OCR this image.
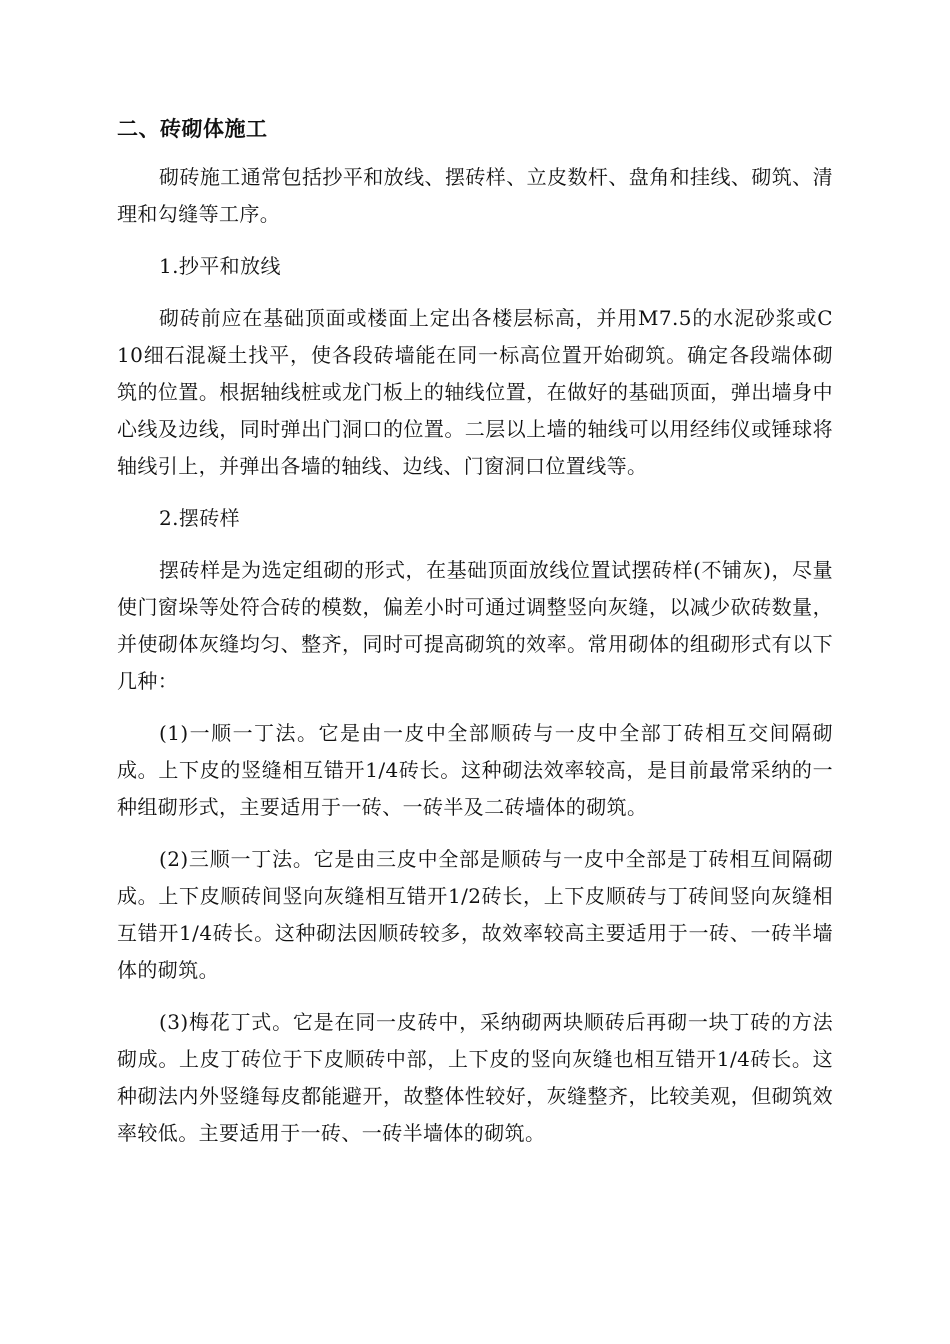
二、砖砌体施工

砌砖施工通常包括抄平和放线、摆砖样、立皮数杆、盘角和挂线、砌筑、清理和勾缝等工序。

1.抄平和放线

砌砖前应在基础顶面或楼面上定出各楼层标高，并用M7.5的水泥砂浆或C10细石混凝土找平，使各段砖墙能在同一标高位置开始砌筑。确定各段端体砌筑的位置。根据轴线桩或龙门板上的轴线位置，在做好的基础顶面，弹出墙身中心线及边线，同时弹出门洞口的位置。二层以上墙的轴线可以用经纬仪或锤球将轴线引上，并弹出各墙的轴线、边线、门窗洞口位置线等。

2.摆砖样

摆砖样是为选定组砌的形式，在基础顶面放线位置试摆砖样(不铺灰)，尽量使门窗垛等处符合砖的模数，偏差小时可通过调整竖向灰缝，以减少砍砖数量，并使砌体灰缝均匀、整齐，同时可提高砌筑的效率。常用砌体的组砌形式有以下几种：

(1)一顺一丁法。它是由一皮中全部顺砖与一皮中全部丁砖相互交间隔砌成。上下皮的竖缝相互错开1/4砖长。这种砌法效率较高，是目前最常采纳的一种组砌形式，主要适用于一砖、一砖半及二砖墙体的砌筑。

(2)三顺一丁法。它是由三皮中全部是顺砖与一皮中全部是丁砖相互间隔砌成。上下皮顺砖间竖向灰缝相互错开1/2砖长，上下皮顺砖与丁砖间竖向灰缝相互错开1/4砖长。这种砌法因顺砖较多，故效率较高主要适用于一砖、一砖半墙体的砌筑。

(3)梅花丁式。它是在同一皮砖中，采纳砌两块顺砖后再砌一块丁砖的方法砌成。上皮丁砖位于下皮顺砖中部，上下皮的竖向灰缝也相互错开1/4砖长。这种砌法内外竖缝每皮都能避开，故整体性较好，灰缝整齐，比较美观，但砌筑效率较低。主要适用于一砖、一砖半墙体的砌筑。
